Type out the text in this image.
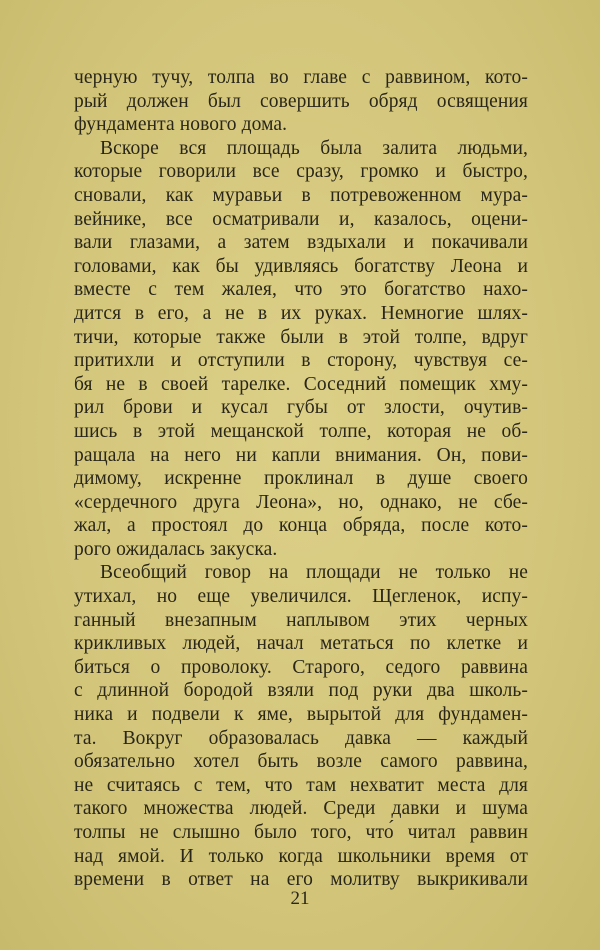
черную тучу, толпа во главе с раввином, кото-
рый должен был совершить обряд освящения
фундамента нового дома.
Вскоре вся площадь была залита людьми,
которые говорили все сразу, громко и быстро,
сновали, как муравьи в потревоженном мура-
вейнике, все осматривали и, казалось, оцени-
вали глазами, а затем вздыхали и покачивали
головами, как бы удивляясь богатству Леона и
вместе с тем жалея, что это богатство нахо-
дится в его, а не в их руках. Немногие шлях-
тичи, которые также были в этой толпе, вдруг
притихли и отступили в сторону, чувствуя се-
бя не в своей тарелке. Соседний помещик хму-
рил брови и кусал губы от злости, очутив-
шись в этой мещанской толпе, которая не об-
ращала на него ни капли внимания. Он, пови-
димому, искренне проклинал в душе своего
«сердечного друга Леона», но, однако, не сбе-
жал, а простоял до конца обряда, после кото-
рого ожидалась закуска.
Всеобщий говор на площади не только не
утихал, но еще увеличился. Щегленок, испу-
ганный внезапным наплывом этих черных
крикливых людей, начал метаться по клетке и
биться о проволоку. Старого, седого раввина
с длинной бородой взяли под руки два школь-
ника и подвели к яме, вырытой для фундамен-
та. Вокруг образовалась давка — каждый
обязательно хотел быть возле самого раввина,
не считаясь с тем, что там нехватит места для
такого множества людей. Среди давки и шума
толпы не слышно было того, что́ читал раввин
над ямой. И только когда школьники время от
времени в ответ на его молитву выкрикивали
21
